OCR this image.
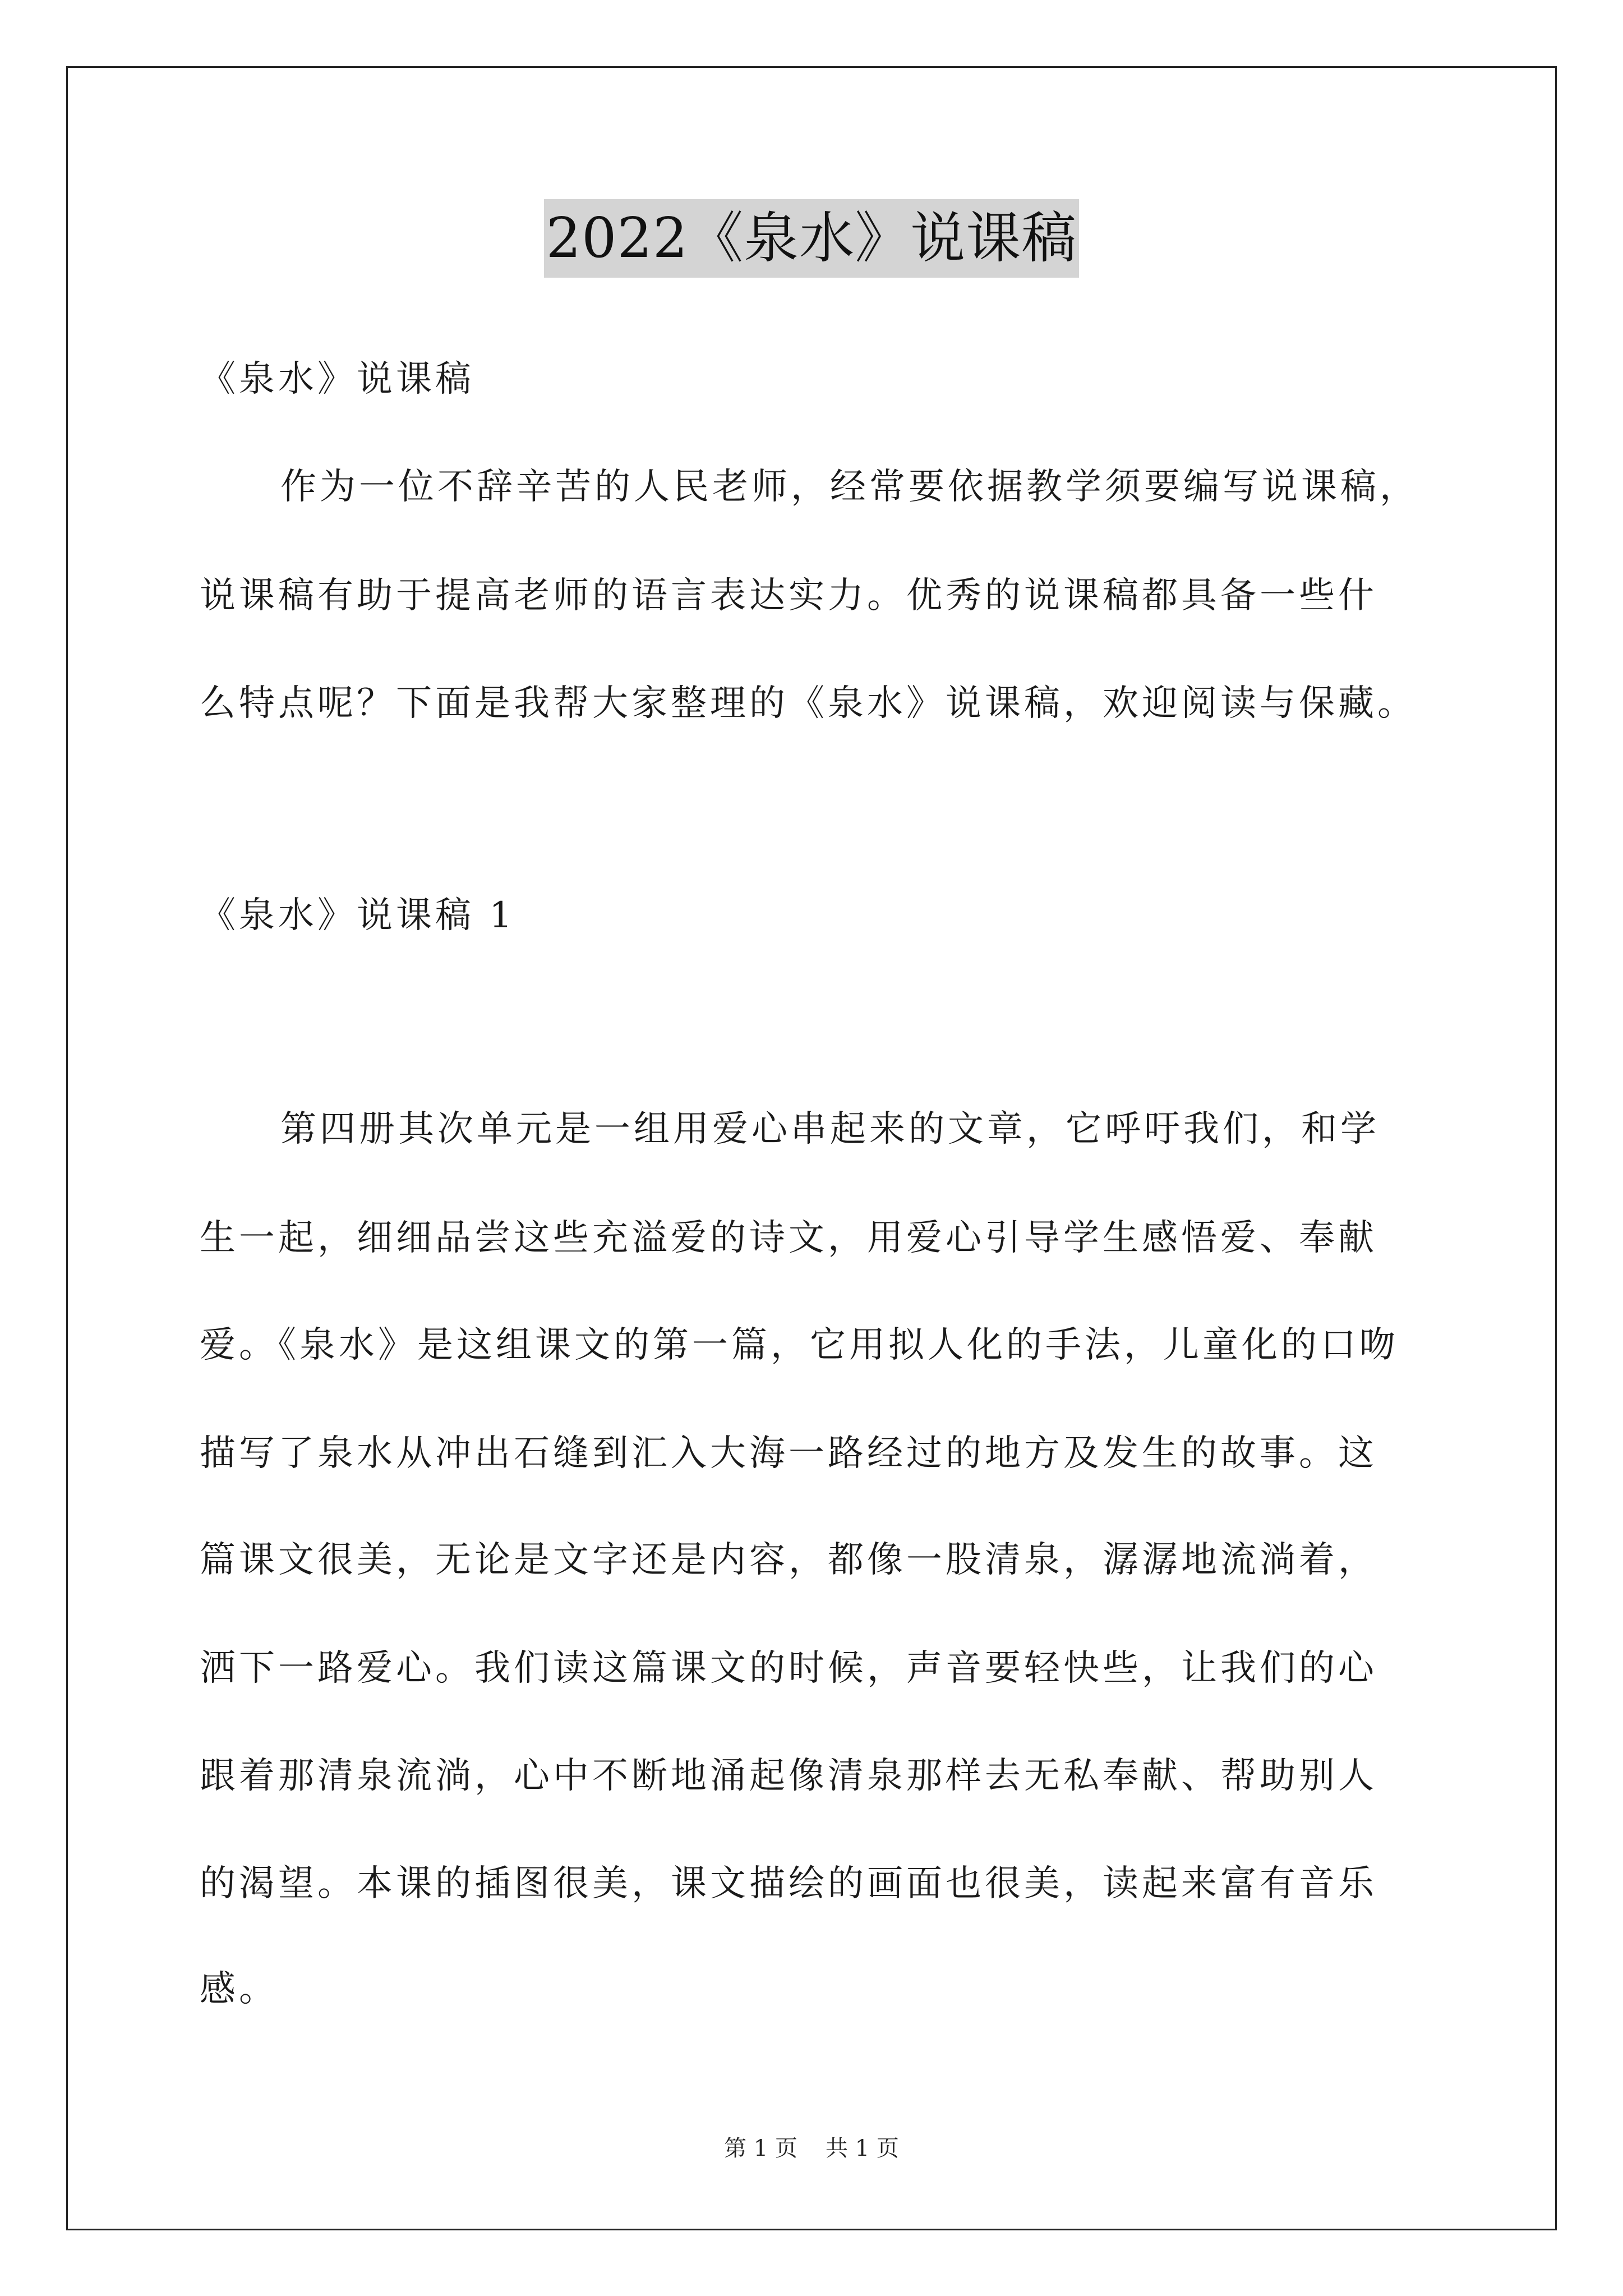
2022《泉水》说课稿
《泉水》说课稿
作为一位不辞辛苦的人民老师，经常要依据教学须要编写说课稿，
说课稿有助于提高老师的语言表达实力。优秀的说课稿都具备一些什
么特点呢？下面是我帮大家整理的《泉水》说课稿，欢迎阅读与保藏。
《泉水》说课稿 1
第四册其次单元是一组用爱心串起来的文章，它呼吁我们，和学
生一起，细细品尝这些充溢爱的诗文，用爱心引导学生感悟爱、奉献
爱。《泉水》是这组课文的第一篇，它用拟人化的手法，儿童化的口吻
描写了泉水从冲出石缝到汇入大海一路经过的地方及发生的故事。这
篇课文很美，无论是文字还是内容，都像一股清泉，潺潺地流淌着，
洒下一路爱心。我们读这篇课文的时候，声音要轻快些，让我们的心
跟着那清泉流淌，心中不断地涌起像清泉那样去无私奉献、帮助别人
的渴望。本课的插图很美，课文描绘的画面也很美，读起来富有音乐
感。
第 1 页 共 1 页
